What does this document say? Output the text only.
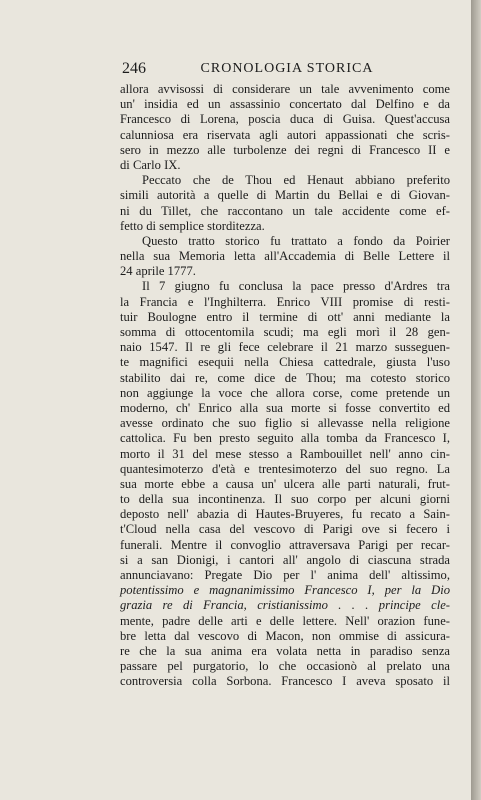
246	CRONOLOGIA STORICA
allora avvisossi di considerare un tale avvenimento come
un' insidia ed un assassinio concertato dal Delfino e da
Francesco di Lorena, poscia duca di Guisa. Quest'accusa
calunniosa era riservata agli autori appassionati che scris-
sero in mezzo alle turbolenze dei regni di Francesco II e
di Carlo IX.
Peccato che de Thou ed Henaut abbiano preferito
simili autorità a quelle di Martin du Bellai e di Giovan-
ni du Tillet, che raccontano un tale accidente come ef-
fetto di semplice storditezza.
Questo tratto storico fu trattato a fondo da Poirier
nella sua Memoria letta all'Accademia di Belle Lettere il
24 aprile 1777.
Il 7 giugno fu conclusa la pace presso d'Ardres tra
la Francia e l'Inghilterra. Enrico VIII promise di resti-
tuir Boulogne entro il termine di ott' anni mediante la
somma di ottocentomila scudi; ma egli morì il 28 gen-
naio 1547. Il re gli fece celebrare il 21 marzo susseguen-
te magnifici esequii nella Chiesa cattedrale, giusta l'uso
stabilito dai re, come dice de Thou; ma cotesto storico
non aggiunge la voce che allora corse, come pretende un
moderno, ch' Enrico alla sua morte si fosse convertito ed
avesse ordinato che suo figlio si allevasse nella religione
cattolica. Fu ben presto seguito alla tomba da Francesco I,
morto il 31 del mese stesso a Rambouillet nell' anno cin-
quantesimoterzo d'età e trentesimoterzo del suo regno. La
sua morte ebbe a causa un' ulcera alle parti naturali, frut-
to della sua incontinenza. Il suo corpo per alcuni giorni
deposto nell' abazia di Hautes-Bruyeres, fu recato a Sain-
t'Cloud nella casa del vescovo di Parigi ove si fecero i
funerali. Mentre il convoglio attraversava Parigi per recar-
si a san Dionigi, i cantori all' angolo di ciascuna strada
annunciavano: Pregate Dio per l' anima dell' altissimo,
potentissimo e magnanimissimo Francesco I, per la Dio
grazia re di Francia, cristianissimo . . . principe cle-
mente, padre delle arti e delle lettere. Nell' orazion fune-
bre letta dal vescovo di Macon, non ommise di assicura-
re che la sua anima era volata netta in paradiso senza
passare pel purgatorio, lo che occasionò al prelato una
controversia colla Sorbona. Francesco I aveva sposato il
